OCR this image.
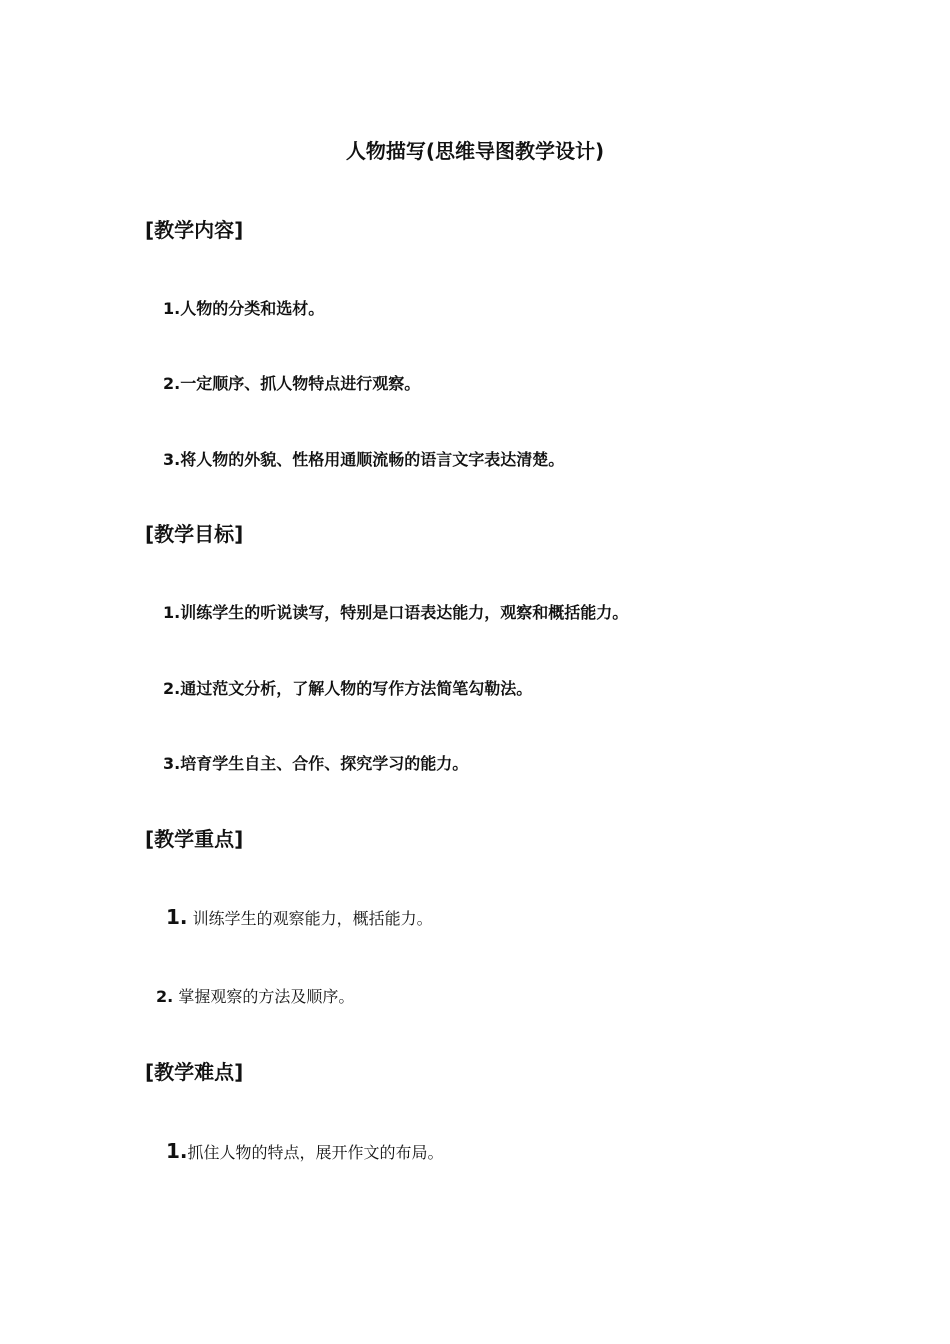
人物描写(思维导图教学设计)
[教学内容]
1.人物的分类和选材。
2.一定顺序、抓人物特点进行观察。
3.将人物的外貌、性格用通顺流畅的语言文字表达清楚。
[教学目标]
1.训练学生的听说读写，特别是口语表达能力，观察和概括能力。
2.通过范文分析，了解人物的写作方法简笔勾勒法。
3.培育学生自主、合作、探究学习的能力。
[教学重点]
1. 训练学生的观察能力，概括能力。
2. 掌握观察的方法及顺序。
[教学难点]
1.抓住人物的特点，展开作文的布局。
